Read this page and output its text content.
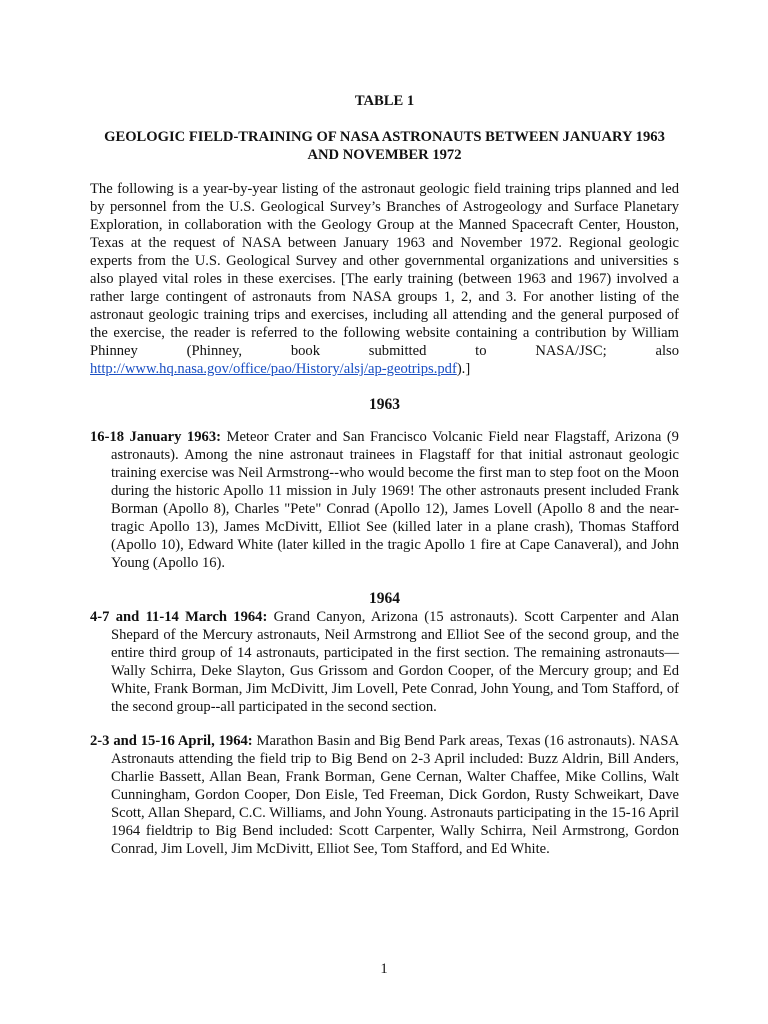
TABLE 1

GEOLOGIC FIELD-TRAINING OF NASA ASTRONAUTS BETWEEN JANUARY 1963 AND NOVEMBER 1972

The following is a year-by-year listing of the astronaut geologic field training trips planned and led by personnel from the U.S. Geological Survey’s Branches of Astrogeology and Surface Planetary Exploration, in collaboration with the Geology Group at the Manned Spacecraft Center, Houston, Texas at the request of NASA between January 1963 and November 1972. Regional geologic experts from the U.S. Geological Survey and other governmental organizations and universities s also played vital roles in these exercises. [The early training (between 1963 and 1967) involved a rather large contingent of astronauts from NASA groups 1, 2, and 3. For another listing of the astronaut geologic training trips and exercises, including all attending and the general purposed of the exercise, the reader is referred to the following website containing a contribution by William Phinney (Phinney, book submitted to NASA/JSC; also http://www.hq.nasa.gov/office/pao/History/alsj/ap-geotrips.pdf).]

1963

16-18 January 1963: Meteor Crater and San Francisco Volcanic Field near Flagstaff, Arizona (9 astronauts). Among the nine astronaut trainees in Flagstaff for that initial astronaut geologic training exercise was Neil Armstrong--who would become the first man to step foot on the Moon during the historic Apollo 11 mission in July 1969! The other astronauts present included Frank Borman (Apollo 8), Charles "Pete" Conrad (Apollo 12), James Lovell (Apollo 8 and the near-tragic Apollo 13), James McDivitt, Elliot See (killed later in a plane crash), Thomas Stafford (Apollo 10), Edward White (later killed in the tragic Apollo 1 fire at Cape Canaveral), and John Young (Apollo 16).

1964

4-7 and 11-14 March 1964: Grand Canyon, Arizona (15 astronauts). Scott Carpenter and Alan Shepard of the Mercury astronauts, Neil Armstrong and Elliot See of the second group, and the entire third group of 14 astronauts, participated in the first section. The remaining astronauts—Wally Schirra, Deke Slayton, Gus Grissom and Gordon Cooper, of the Mercury group; and Ed White, Frank Borman, Jim McDivitt, Jim Lovell, Pete Conrad, John Young, and Tom Stafford, of the second group--all participated in the second section.

2-3 and 15-16 April, 1964: Marathon Basin and Big Bend Park areas, Texas (16 astronauts). NASA Astronauts attending the field trip to Big Bend on 2-3 April included: Buzz Aldrin, Bill Anders, Charlie Bassett, Allan Bean, Frank Borman, Gene Cernan, Walter Chaffee, Mike Collins, Walt Cunningham, Gordon Cooper, Don Eisle, Ted Freeman, Dick Gordon, Rusty Schweikart, Dave Scott, Allan Shepard, C.C. Williams, and John Young. Astronauts participating in the 15-16 April 1964 fieldtrip to Big Bend included: Scott Carpenter, Wally Schirra, Neil Armstrong, Gordon Conrad, Jim Lovell, Jim McDivitt, Elliot See, Tom Stafford, and Ed White.

1
